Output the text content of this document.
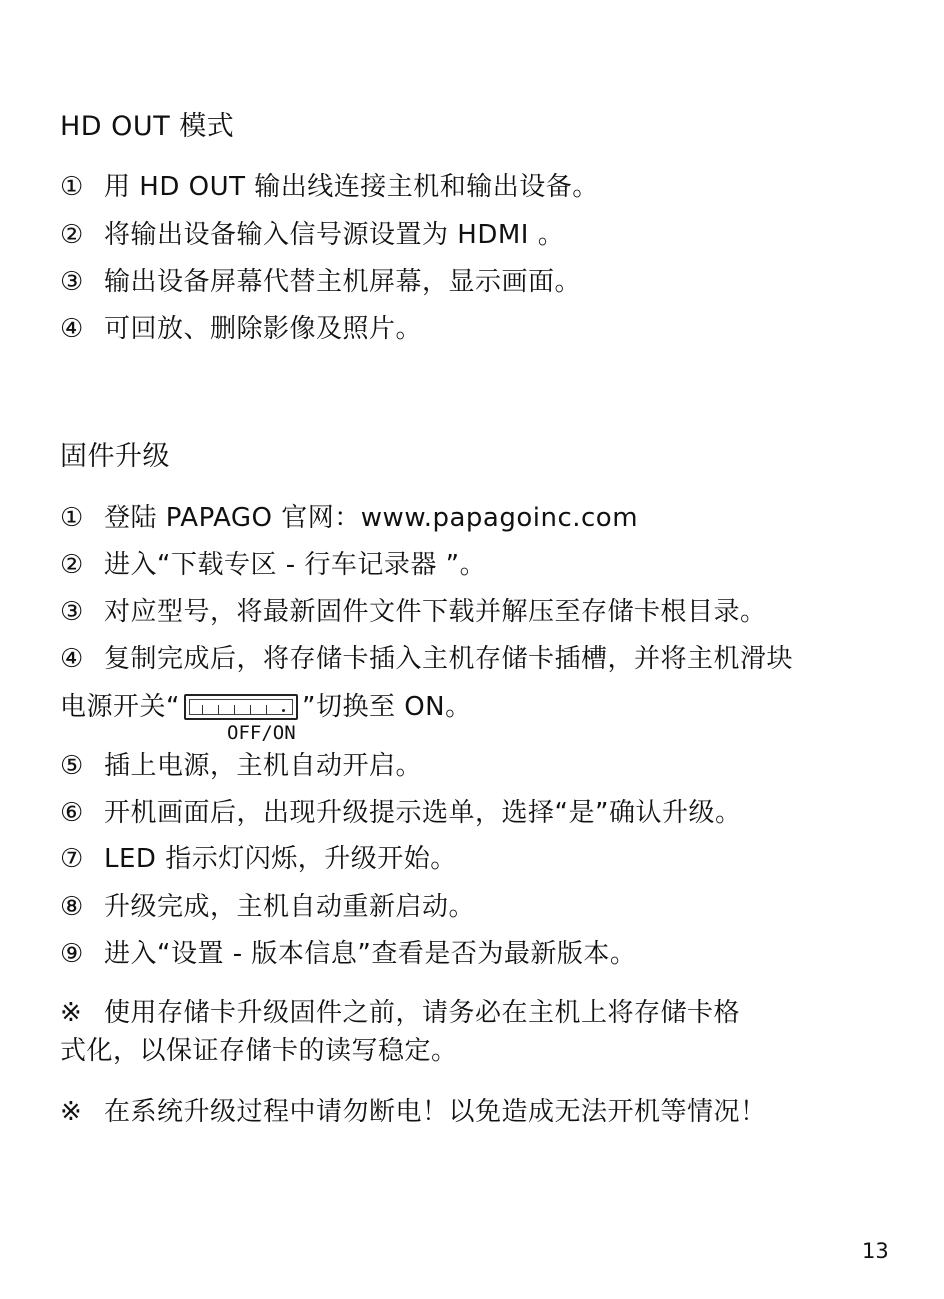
HD OUT 模式
① 用 HD OUT 输出线连接主机和输出设备。
② 将输出设备输入信号源设置为 HDMI 。
③ 输出设备屏幕代替主机屏幕，显示画面。
④ 可回放、删除影像及照片。
固件升级
① 登陆 PAPAGO 官网：www.papagoinc.com
② 进入“下载专区 - 行车记录器 ”。
③ 对应型号，将最新固件文件下载并解压至存储卡根目录。
④ 复制完成后，将存储卡插入主机存储卡插槽，并将主机滑块
电源开关“	”切换至 ON。
OFF/ON
⑤ 插上电源，主机自动开启。
⑥ 开机画面后，出现升级提示选单，选择“是”确认升级。
⑦ LED 指示灯闪烁，升级开始。
⑧ 升级完成，主机自动重新启动。
⑨ 进入“设置 - 版本信息”查看是否为最新版本。
※ 使用存储卡升级固件之前，请务必在主机上将存储卡格
式化，以保证存储卡的读写稳定。
※ 在系统升级过程中请勿断电！以免造成无法开机等情况！
13
